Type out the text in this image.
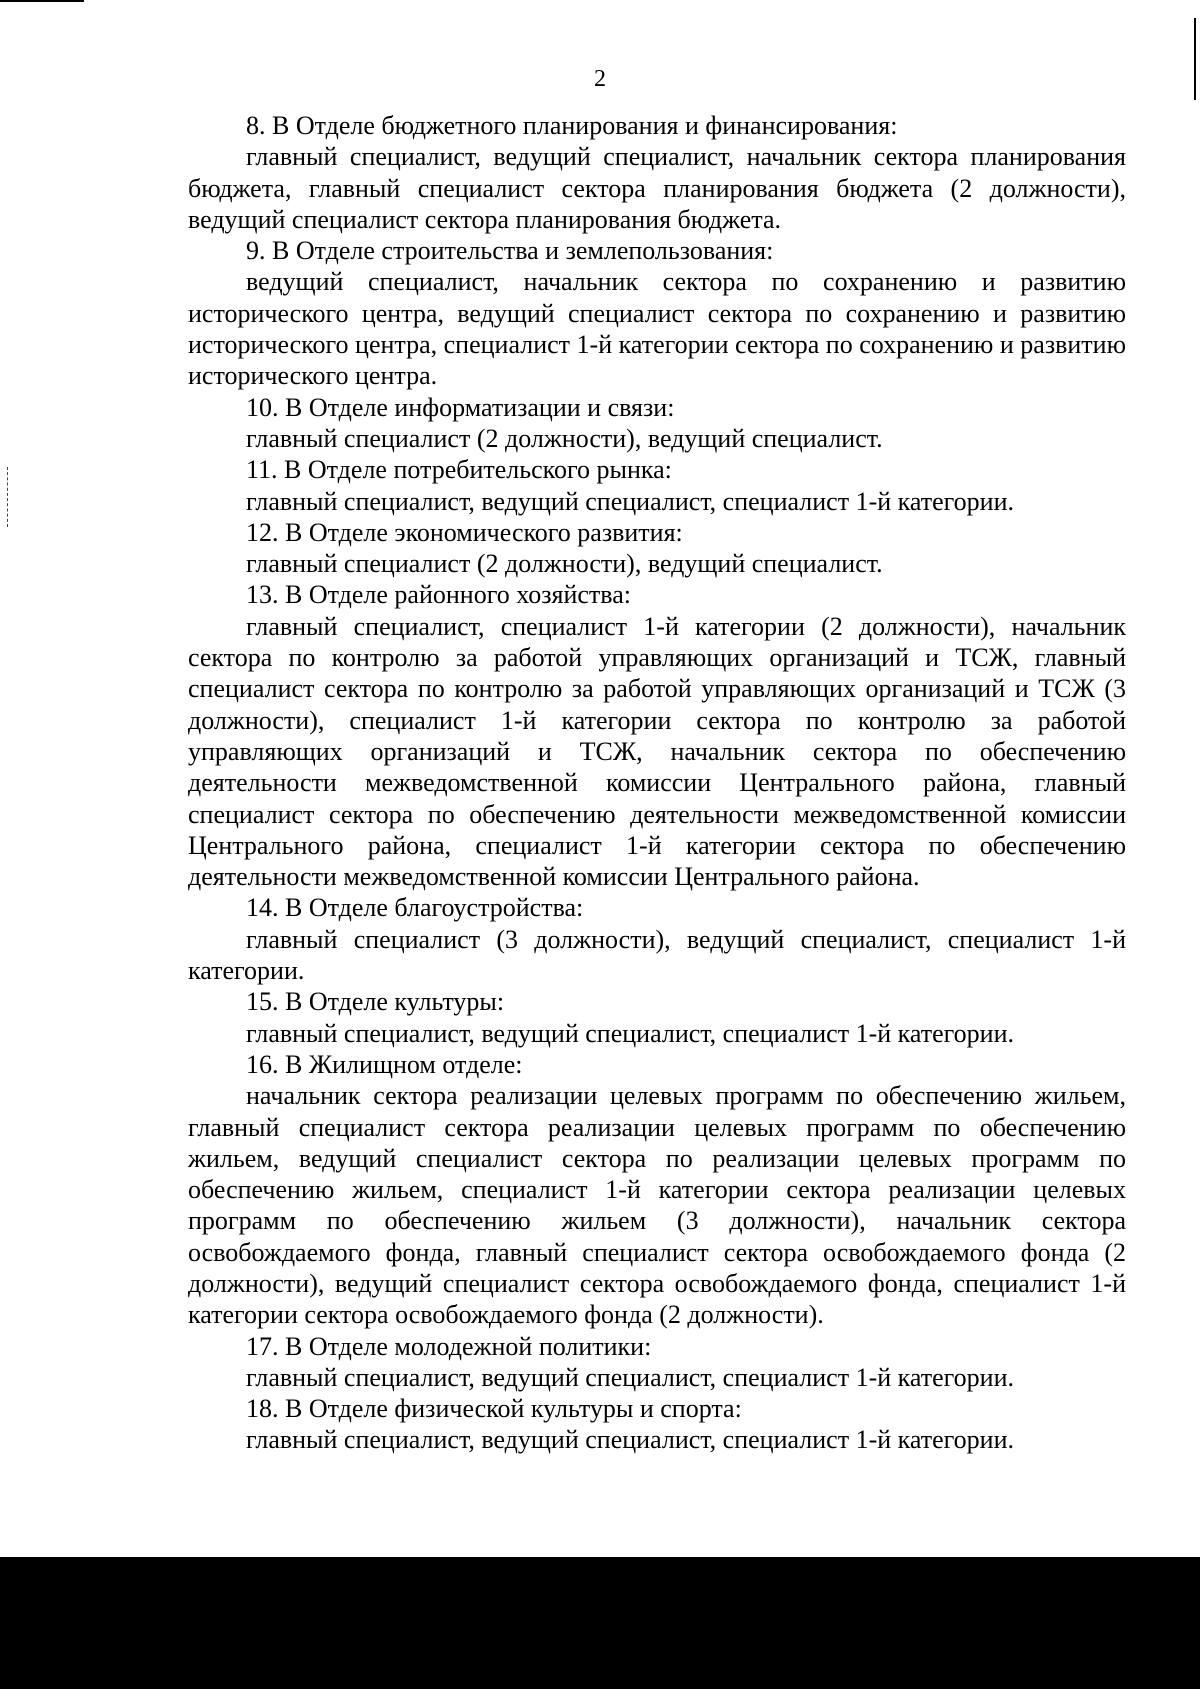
2

8. В Отделе бюджетного планирования и финансирования:

главный специалист, ведущий специалист, начальник сектора планирования бюджета, главный специалист сектора планирования бюджета (2 должности), ведущий специалист сектора планирования бюджета.

9. В Отделе строительства и землепользования:

ведущий специалист, начальник сектора по сохранению и развитию исторического центра, ведущий специалист сектора по сохранению и развитию исторического центра, специалист 1-й категории сектора по сохранению и развитию исторического центра.

10. В Отделе информатизации и связи:

главный специалист (2 должности), ведущий специалист.

11. В Отделе потребительского рынка:

главный специалист, ведущий специалист, специалист 1-й категории.

12. В Отделе экономического развития:

главный специалист (2 должности), ведущий специалист.

13. В Отделе районного хозяйства:

главный специалист, специалист 1-й категории (2 должности), начальник сектора по контролю за работой управляющих организаций и ТСЖ, главный специалист сектора по контролю за работой управляющих организаций и ТСЖ (3 должности), специалист 1-й категории сектора по контролю за работой управляющих организаций и ТСЖ, начальник сектора по обеспечению деятельности межведомственной комиссии Центрального района, главный специалист сектора по обеспечению деятельности межведомственной комиссии Центрального района, специалист 1-й категории сектора по обеспечению деятельности межведомственной комиссии Центрального района.

14. В Отделе благоустройства:

главный специалист (3 должности), ведущий специалист, специалист 1-й категории.

15. В Отделе культуры:

главный специалист, ведущий специалист, специалист 1-й категории.

16. В Жилищном отделе:

начальник сектора реализации целевых программ по обеспечению жильем, главный специалист сектора реализации целевых программ по обеспечению жильем, ведущий специалист сектора по реализации целевых программ по обеспечению жильем, специалист 1-й категории сектора реализации целевых программ по обеспечению жильем (3 должности), начальник сектора освобождаемого фонда, главный специалист сектора освобождаемого фонда (2 должности), ведущий специалист сектора освобождаемого фонда, специалист 1-й категории сектора освобождаемого фонда (2 должности).

17. В Отделе молодежной политики:

главный специалист, ведущий специалист, специалист 1-й категории.

18. В Отделе физической культуры и спорта:

главный специалист, ведущий специалист, специалист 1-й категории.
